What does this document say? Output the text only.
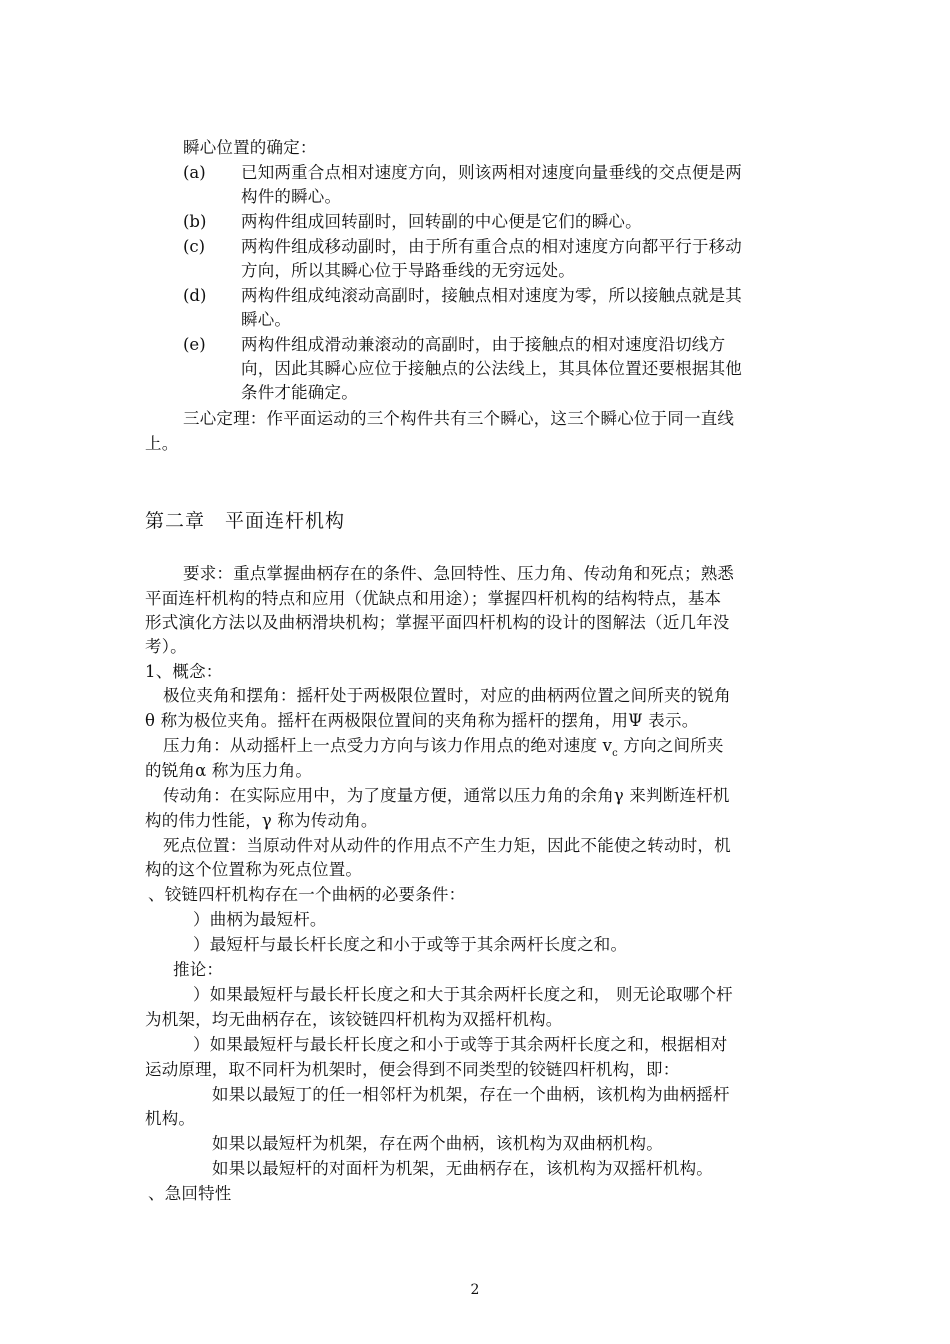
瞬心位置的确定：
(a) 已知两重合点相对速度方向，则该两相对速度向量垂线的交点便是两
构件的瞬心。
(b) 两构件组成回转副时，回转副的中心便是它们的瞬心。
(c) 两构件组成移动副时，由于所有重合点的相对速度方向都平行于移动
方向，所以其瞬心位于导路垂线的无穷远处。
(d) 两构件组成纯滚动高副时，接触点相对速度为零，所以接触点就是其
瞬心。
(e) 两构件组成滑动兼滚动的高副时，由于接触点的相对速度沿切线方
向，因此其瞬心应位于接触点的公法线上，其具体位置还要根据其他
条件才能确定。
三心定理：作平面运动的三个构件共有三个瞬心，这三个瞬心位于同一直线
上。
第二章　平面连杆机构
要求：重点掌握曲柄存在的条件、急回特性、压力角、传动角和死点；熟悉
平面连杆机构的特点和应用（优缺点和用途）；掌握四杆机构的结构特点，基本
形式演化方法以及曲柄滑块机构；掌握平面四杆机构的设计的图解法（近几年没
考）。
1、概念：
极位夹角和摆角：摇杆处于两极限位置时，对应的曲柄两位置之间所夹的锐角
θ 称为极位夹角。摇杆在两极限位置间的夹角称为摇杆的摆角，用Ψ 表示。
压力角：从动摇杆上一点受力方向与该力作用点的绝对速度 $v_c$ 方向之间所夹
的锐角α 称为压力角。
传动角：在实际应用中，为了度量方便，通常以压力角的余角γ 来判断连杆机
构的伟力性能，γ 称为传动角。
死点位置：当原动件对从动件的作用点不产生力矩，因此不能使之转动时，机
构的这个位置称为死点位置。
、铰链四杆机构存在一个曲柄的必要条件：
）曲柄为最短杆。
）最短杆与最长杆长度之和小于或等于其余两杆长度之和。
推论：
）如果最短杆与最长杆长度之和大于其余两杆长度之和， 则无论取哪个杆
为机架，均无曲柄存在，该铰链四杆机构为双摇杆机构。
）如果最短杆与最长杆长度之和小于或等于其余两杆长度之和，根据相对
运动原理，取不同杆为机架时，便会得到不同类型的铰链四杆机构，即：
如果以最短丁的任一相邻杆为机架，存在一个曲柄，该机构为曲柄摇杆
机构。
如果以最短杆为机架，存在两个曲柄，该机构为双曲柄机构。
如果以最短杆的对面杆为机架，无曲柄存在，该机构为双摇杆机构。
、急回特性
2
